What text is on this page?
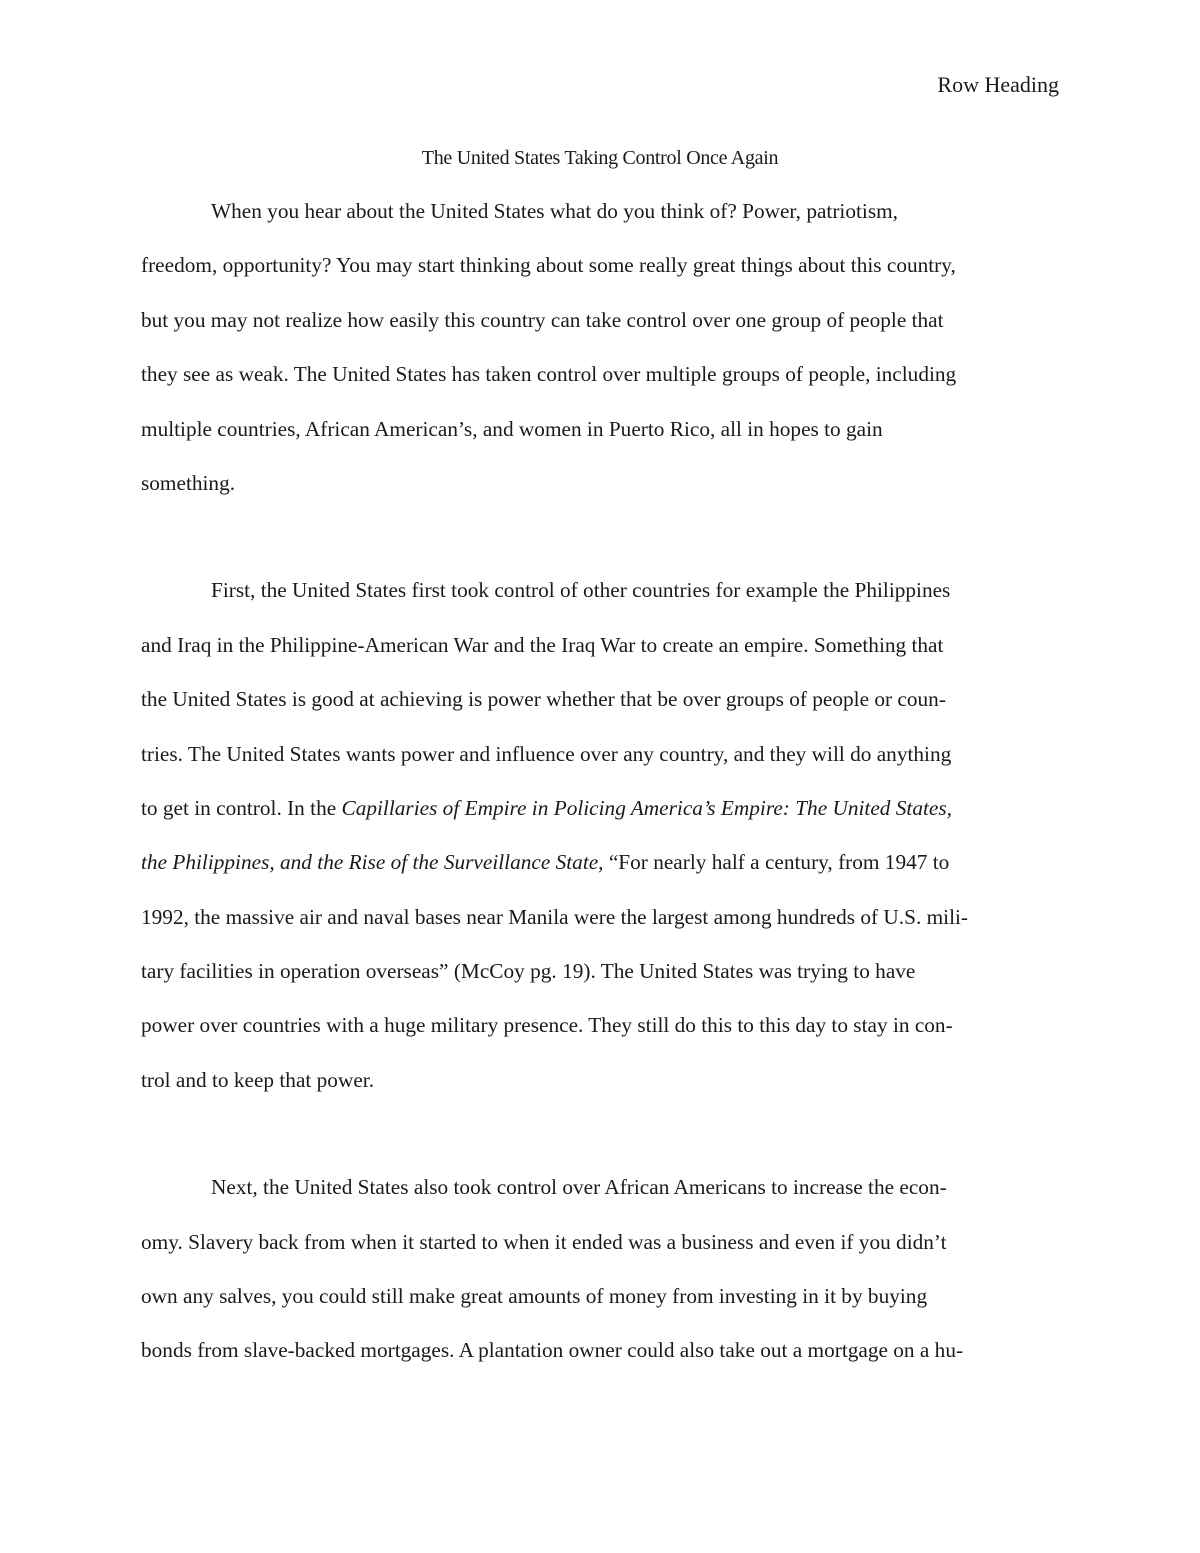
Row Heading
The United States Taking Control Once Again
When you hear about the United States what do you think of? Power, patriotism,
freedom, opportunity? You may start thinking about some really great things about this country,
but you may not realize how easily this country can take control over one group of people that
they see as weak. The United States has taken control over multiple groups of people, including
multiple countries, African American’s, and women in Puerto Rico, all in hopes to gain
something.
First, the United States first took control of other countries for example the Philippines
and Iraq in the Philippine-American War and the Iraq War to create an empire. Something that
the United States is good at achieving is power whether that be over groups of people or coun-
tries. The United States wants power and influence over any country, and they will do anything
to get in control. In the Capillaries of Empire in Policing America’s Empire: The United States,
the Philippines, and the Rise of the Surveillance State, “For nearly half a century, from 1947 to
1992, the massive air and naval bases near Manila were the largest among hundreds of U.S. mili-
tary facilities in operation overseas” (McCoy pg. 19). The United States was trying to have
power over countries with a huge military presence. They still do this to this day to stay in con-
trol and to keep that power.
Next, the United States also took control over African Americans to increase the econ-
omy. Slavery back from when it started to when it ended was a business and even if you didn’t
own any salves, you could still make great amounts of money from investing in it by buying
bonds from slave-backed mortgages. A plantation owner could also take out a mortgage on a hu-
